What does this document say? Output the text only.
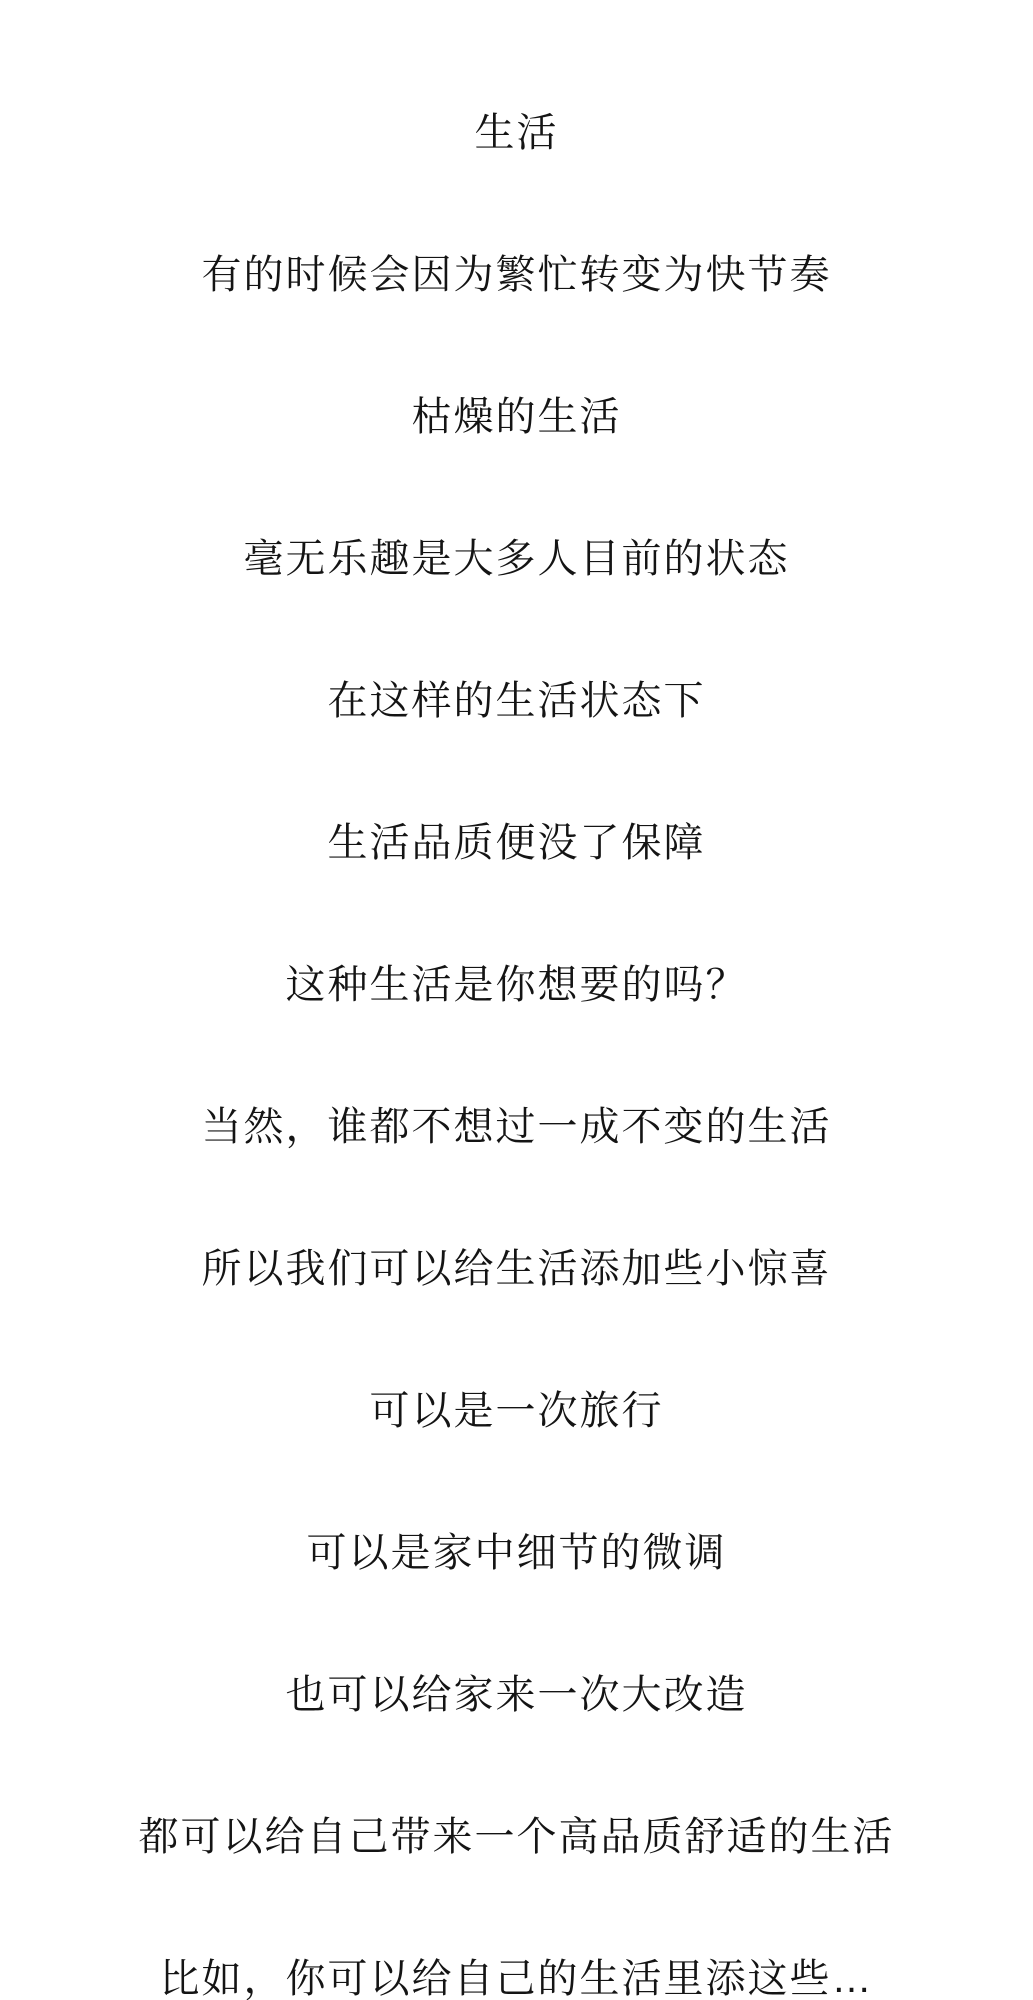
生活

有的时候会因为繁忙转变为快节奏

枯燥的生活

毫无乐趣是大多人目前的状态

在这样的生活状态下

生活品质便没了保障

这种生活是你想要的吗？

当然，谁都不想过一成不变的生活

所以我们可以给生活添加些小惊喜

可以是一次旅行

可以是家中细节的微调

也可以给家来一次大改造

都可以给自己带来一个高品质舒适的生活

比如，你可以给自己的生活里添这些…
